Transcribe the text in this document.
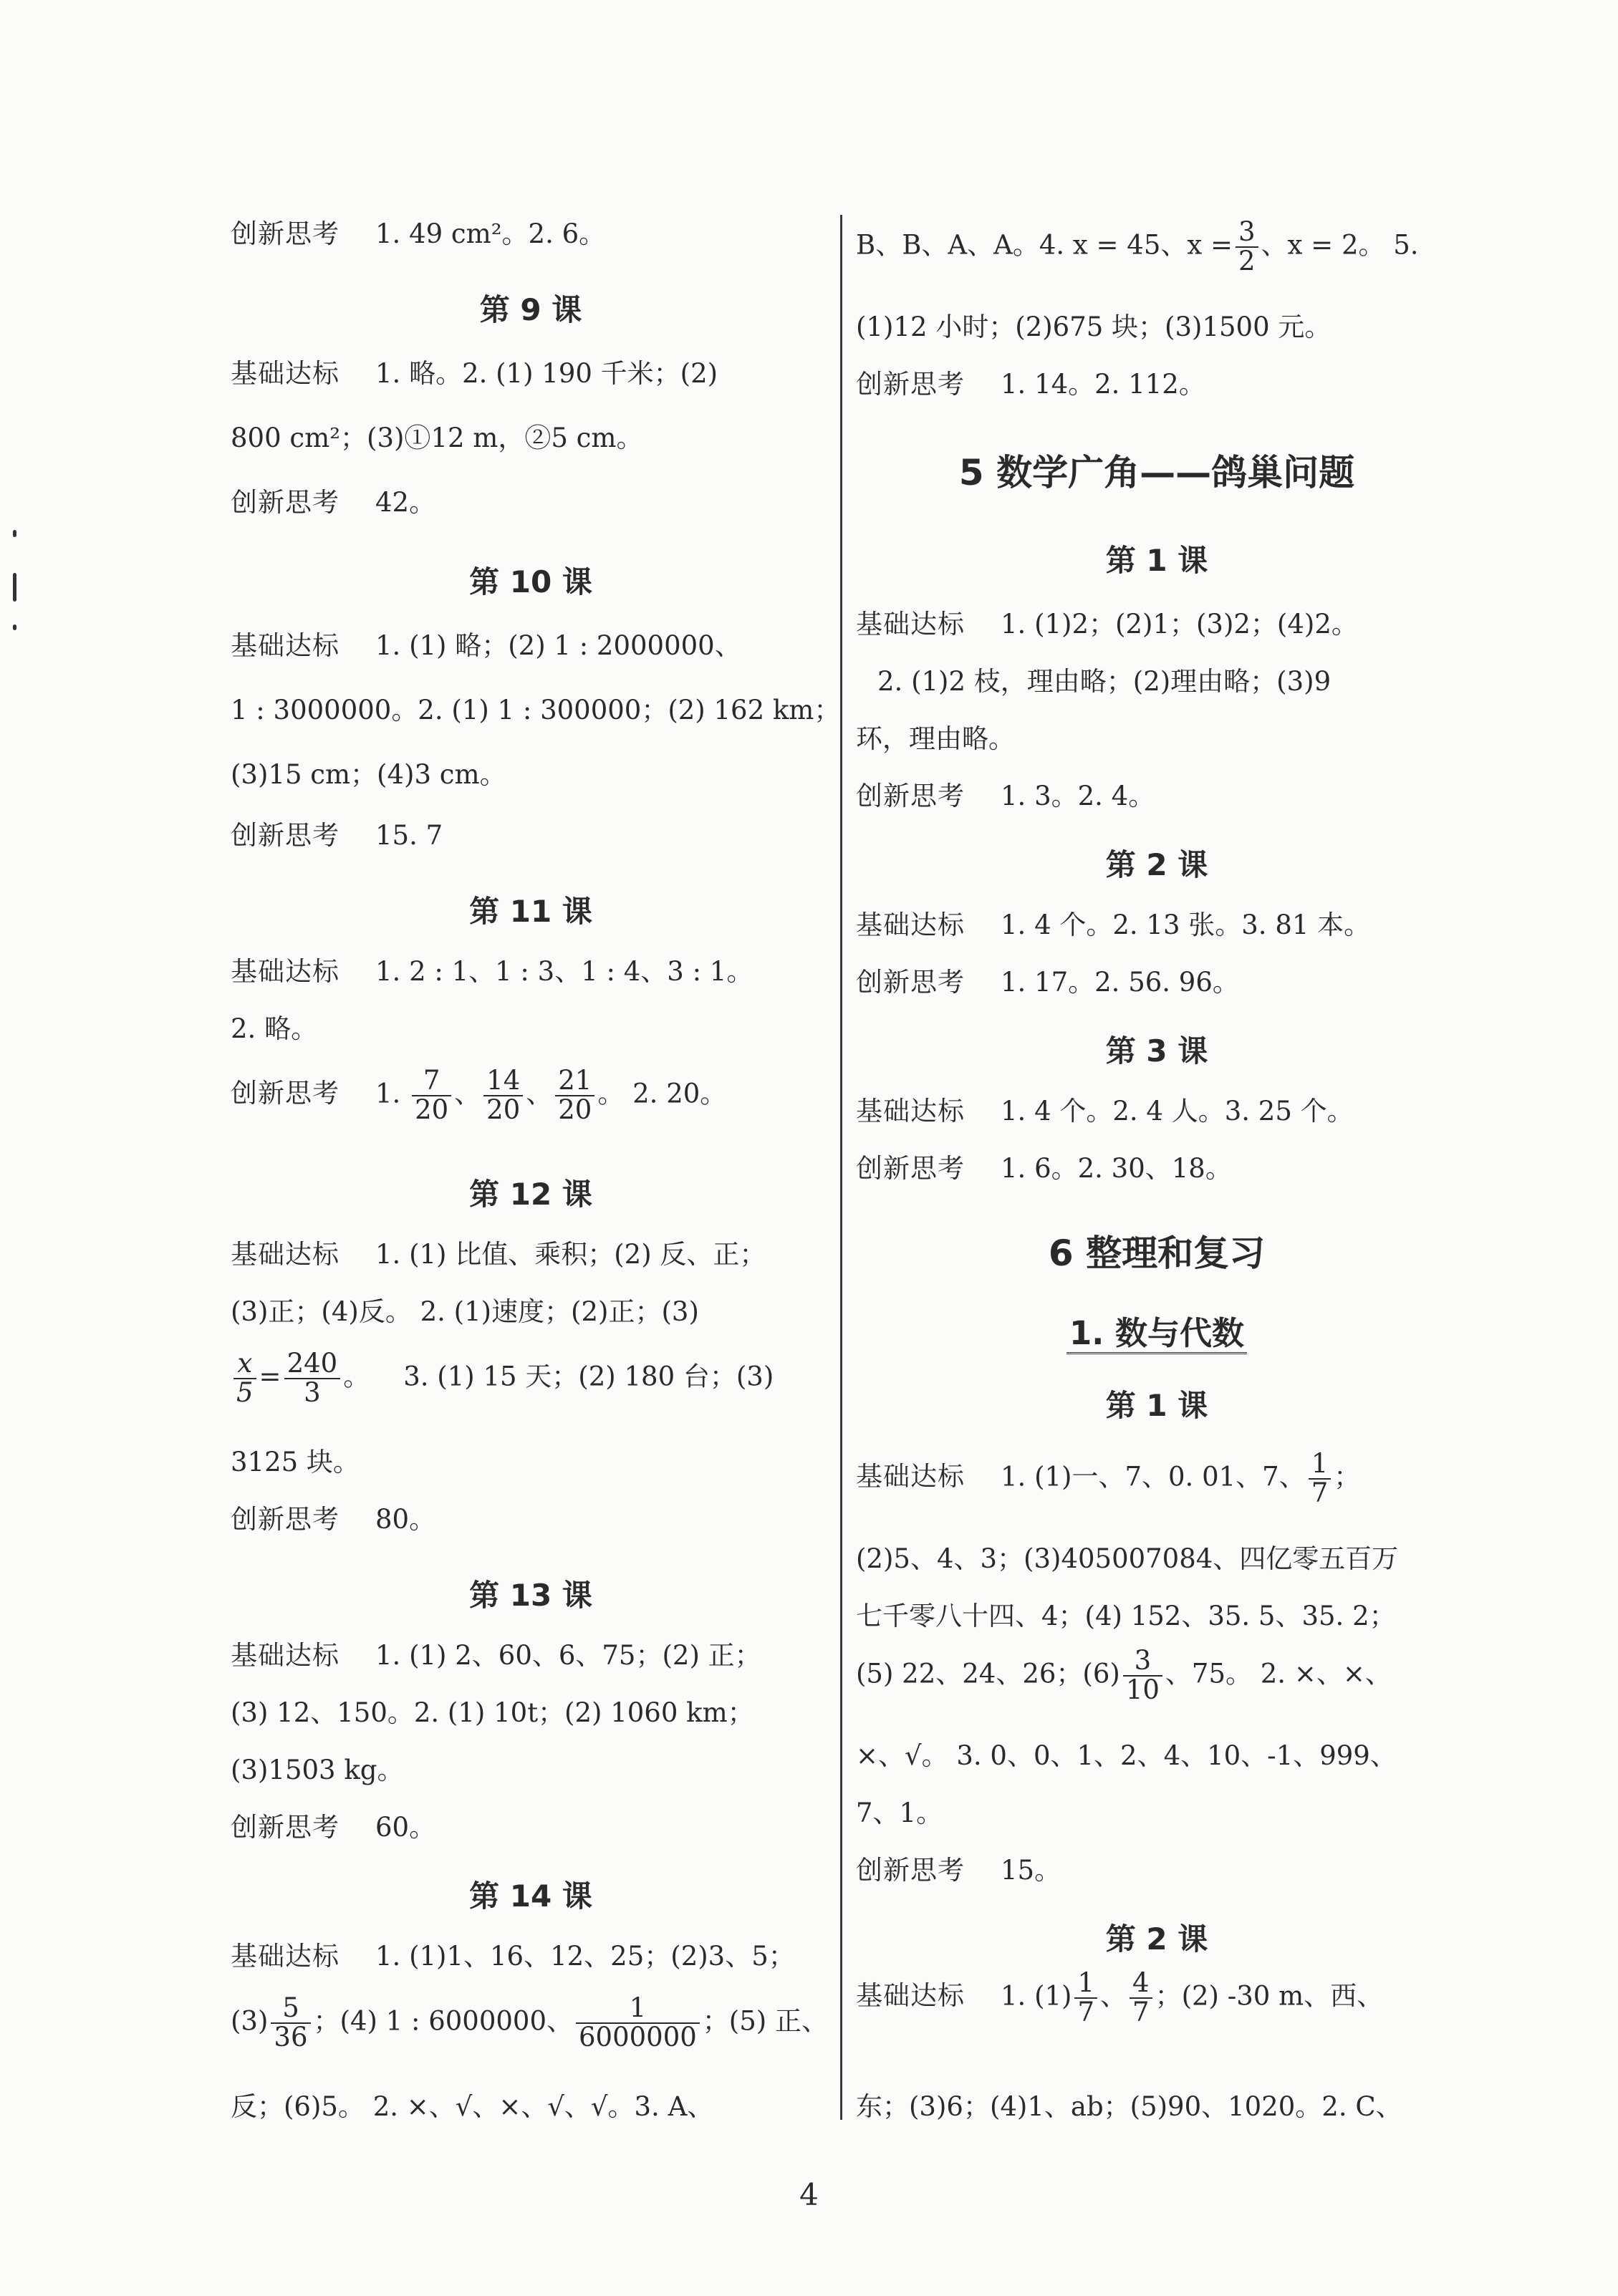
创新思考 1. 49 cm²。2. 6。
第 9 课
基础达标 1. 略。2. (1) 190 千米；(2)
800 cm²；(3)①12 m，②5 cm。
创新思考 42。
第 10 课
基础达标 1. (1) 略；(2) 1 : 2000000、
1 : 3000000。2. (1) 1 : 300000；(2) 162 km；
(3)15 cm；(4)3 cm。
创新思考 15. 7
第 11 课
基础达标 1. 2 : 1、1 : 3、1 : 4、3 : 1。
2. 略。
创新思考 1. $\frac{7}{20}$ 、 $\frac{14}{20}$ 、 $\frac{21}{20}$ 。 2. 20。
第 12 课
基础达标 1. (1) 比值、乘积；(2) 反、正；
(3)正；(4)反。 2. (1)速度；(2)正；(3)
$\frac{x}{5} = \frac{240}{3}$ 。    3. (1) 15 天；(2) 180 台；(3)
3125 块。
创新思考 80。
第 13 课
基础达标 1. (1) 2、60、6、75；(2) 正；
(3) 12、150。2. (1) 10t；(2) 1060 km；
(3)1503 kg。
创新思考 60。
第 14 课
基础达标 1. (1)1、16、12、25；(2)3、5；
$(3) \frac{5}{36}$ ；(4) 1 : 6000000、 $\frac{1}{6000000}$ ；(5) 正、
反；(6)5。 2. ×、√、×、√、√。3. A、
B、B、A、A。4. x = 45、$x = \frac{3}{2}$ 、x = 2。 5.
(1)12 小时；(2)675 块；(3)1500 元。
创新思考 1. 14。2. 112。
5 数学广角——鸽巢问题
第 1 课
基础达标 1. (1)2；(2)1；(3)2；(4)2。
2. (1)2 枝，理由略；(2)理由略；(3)9
环，理由略。
创新思考 1. 3。2. 4。
第 2 课
基础达标 1. 4 个。2. 13 张。3. 81 本。
创新思考 1. 17。2. 56. 96。
第 3 课
基础达标 1. 4 个。2. 4 人。3. 25 个。
创新思考 1. 6。2. 30、18。
6 整理和复习
1. 数与代数
第 1 课
基础达标 1. (1)一、7、0. 01、7、 $\frac{1}{7}$ ；
(2)5、4、3；(3)405007084、四亿零五百万
七千零八十四、4；(4) 152、35. 5、35. 2；
(5) 22、24、26；$(6) \frac{3}{10}$ 、75。 2. ×、×、
×、√。 3. 0、0、1、2、4、10、-1、999、
7、1。
创新思考 15。
第 2 课
基础达标 1. $(1) \frac{1}{7}$ 、 $\frac{4}{7}$ ；(2) -30 m、西、
东；(3)6；(4)1、ab；(5)90、1020。2. C、
4
